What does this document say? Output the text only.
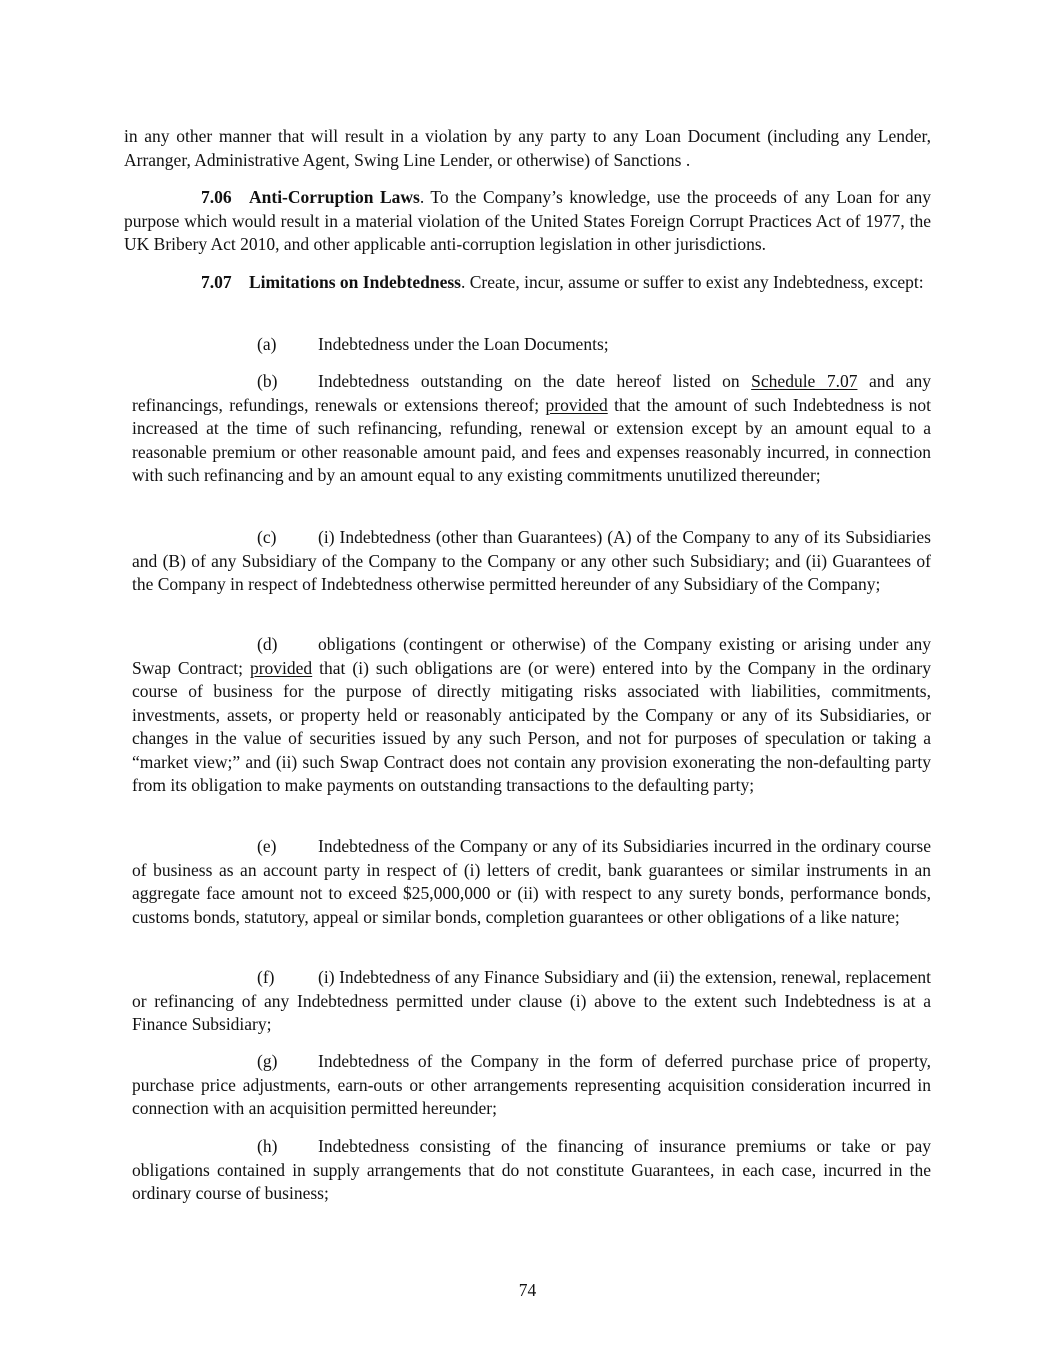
in any other manner that will result in a violation by any party to any Loan Document (including any Lender, Arranger, Administrative Agent, Swing Line Lender, or otherwise) of Sanctions .

7.06 Anti-Corruption Laws. To the Company’s knowledge, use the proceeds of any Loan for any purpose which would result in a material violation of the United States Foreign Corrupt Practices Act of 1977, the UK Bribery Act 2010, and other applicable anti-corruption legislation in other jurisdictions.

7.07 Limitations on Indebtedness. Create, incur, assume or suffer to exist any Indebtedness, except:

(a) Indebtedness under the Loan Documents;

(b) Indebtedness outstanding on the date hereof listed on Schedule 7.07 and any refinancings, refundings, renewals or extensions thereof; provided that the amount of such Indebtedness is not increased at the time of such refinancing, refunding, renewal or extension except by an amount equal to a reasonable premium or other reasonable amount paid, and fees and expenses reasonably incurred, in connection with such refinancing and by an amount equal to any existing commitments unutilized thereunder;

(c) (i) Indebtedness (other than Guarantees) (A) of the Company to any of its Subsidiaries and (B) of any Subsidiary of the Company to the Company or any other such Subsidiary; and (ii) Guarantees of the Company in respect of Indebtedness otherwise permitted hereunder of any Subsidiary of the Company;

(d) obligations (contingent or otherwise) of the Company existing or arising under any Swap Contract; provided that (i) such obligations are (or were) entered into by the Company in the ordinary course of business for the purpose of directly mitigating risks associated with liabilities, commitments, investments, assets, or property held or reasonably anticipated by the Company or any of its Subsidiaries, or changes in the value of securities issued by any such Person, and not for purposes of speculation or taking a “market view;” and (ii) such Swap Contract does not contain any provision exonerating the non-defaulting party from its obligation to make payments on outstanding transactions to the defaulting party;

(e) Indebtedness of the Company or any of its Subsidiaries incurred in the ordinary course of business as an account party in respect of (i) letters of credit, bank guarantees or similar instruments in an aggregate face amount not to exceed $25,000,000 or (ii) with respect to any surety bonds, performance bonds, customs bonds, statutory, appeal or similar bonds, completion guarantees or other obligations of a like nature;

(f) (i) Indebtedness of any Finance Subsidiary and (ii) the extension, renewal, replacement or refinancing of any Indebtedness permitted under clause (i) above to the extent such Indebtedness is at a Finance Subsidiary;

(g) Indebtedness of the Company in the form of deferred purchase price of property, purchase price adjustments, earn-outs or other arrangements representing acquisition consideration incurred in connection with an acquisition permitted hereunder;

(h) Indebtedness consisting of the financing of insurance premiums or take or pay obligations contained in supply arrangements that do not constitute Guarantees, in each case, incurred in the ordinary course of business;

74
